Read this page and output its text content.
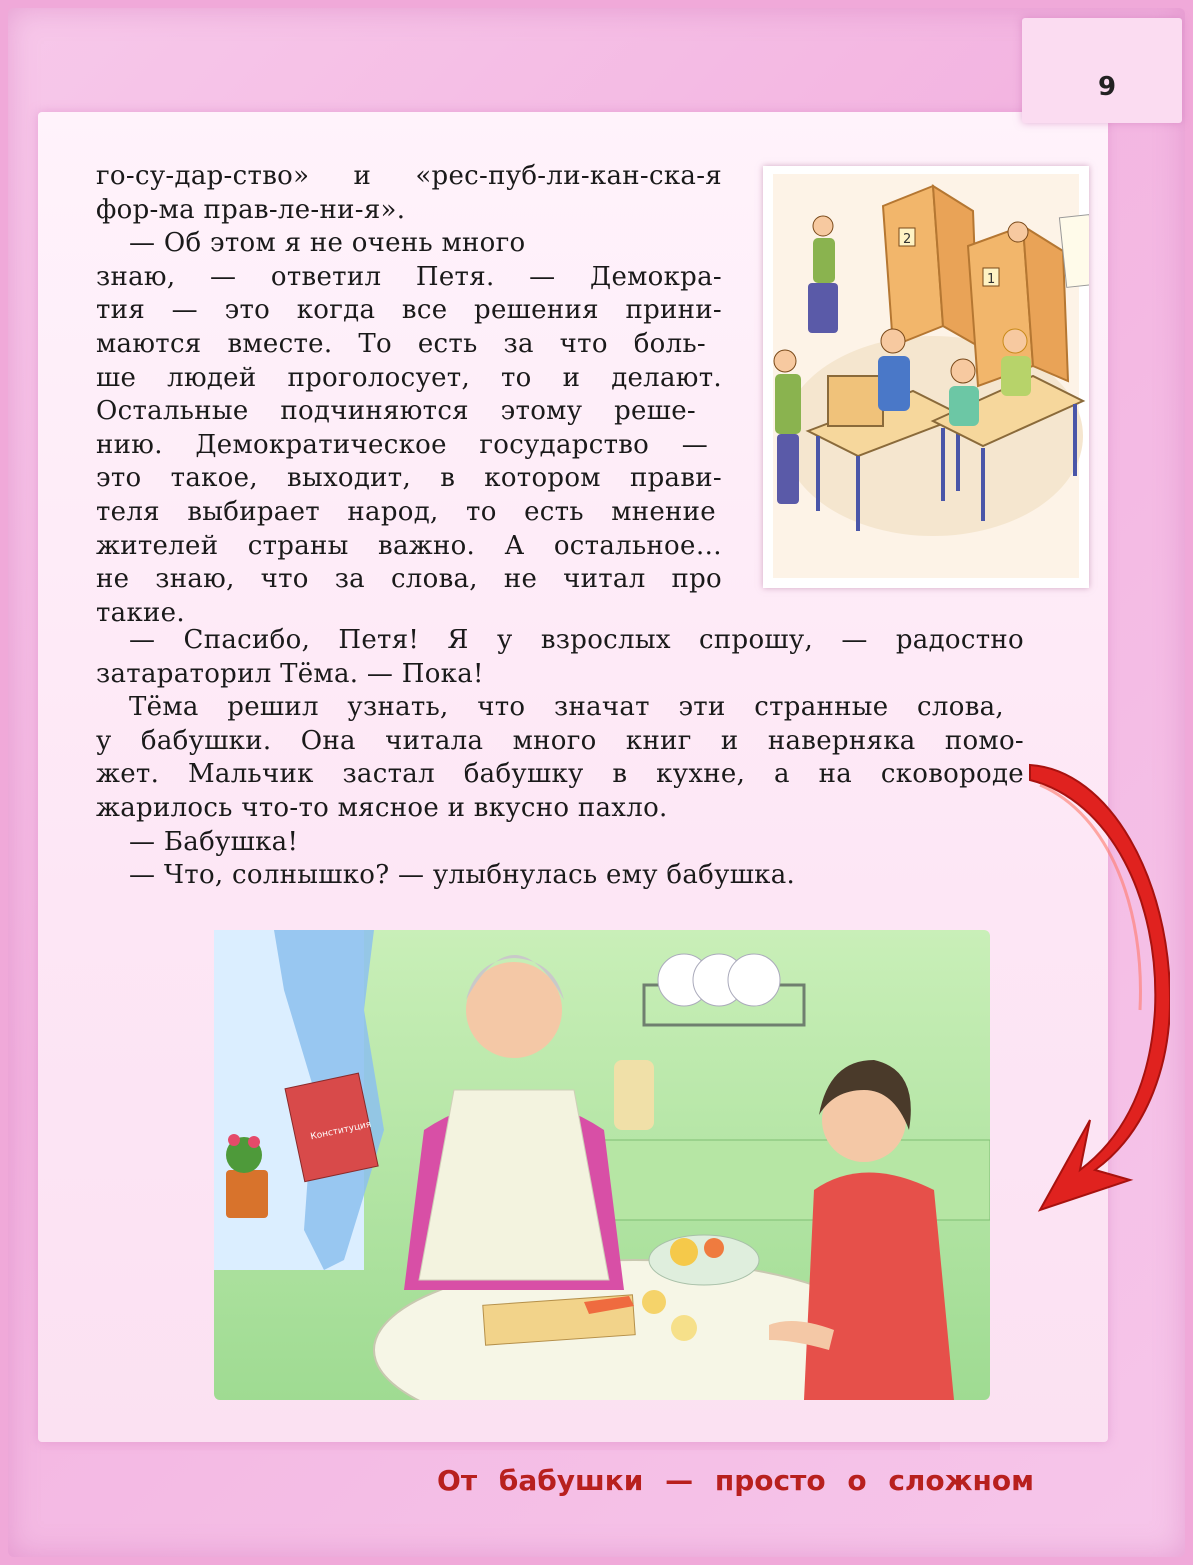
9
2
1

го-су-дар-ство» и «рес-пуб-ли-кан-ска-я

фор-ма прав-ле-ни-я».

— Об этом я не очень много

знаю, — ответил Петя. — Демокра-

тия — это когда все решения прини-

маются вместе. То есть за что боль-

ше людей проголосует, то и делают.

Остальные подчиняются этому реше-

нию. Демократическое государство —

это такое, выходит, в котором прави-

теля выбирает народ, то есть мнение

жителей страны важно. А остальное…

не знаю, что за слова, не читал про

такие.

— Спасибо, Петя! Я у взрослых спрошу, — радостно

затараторил Тёма. — Пока!

Тёма решил узнать, что значат эти странные слова,

у бабушки. Она читала много книг и наверняка помо-

жет. Мальчик застал бабушку в кухне, а на сковороде

жарилось что-то мясное и вкусно пахло.

— Бабушка!

— Что, солнышко? — улыбнулась ему бабушка.

Конституция
От бабушки — просто о сложном
